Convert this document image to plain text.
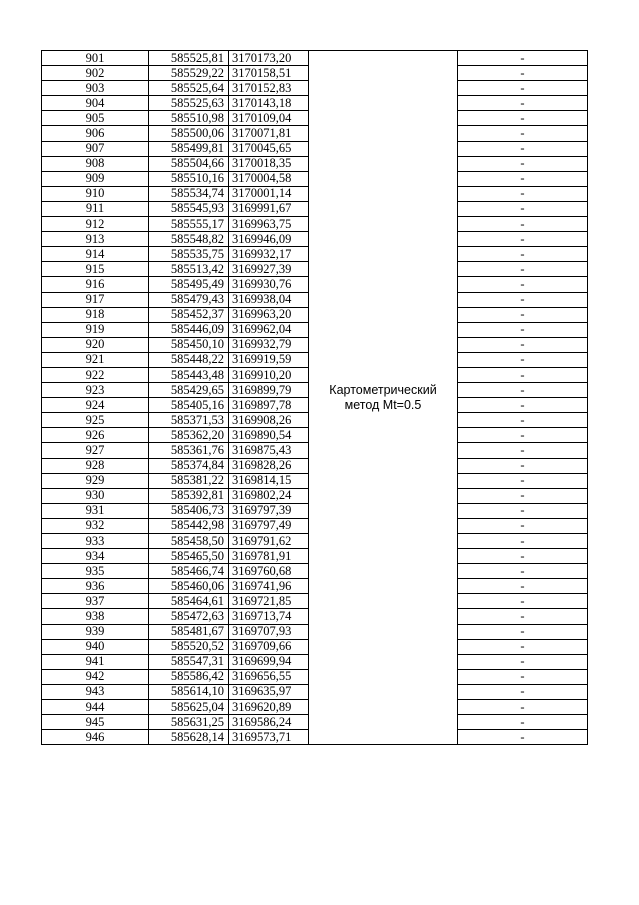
901	585525,81	3170173,20	Картометрический
метод Mt=0.5	-
902	585529,22	3170158,51		-
903	585525,64	3170152,83		-
904	585525,63	3170143,18		-
905	585510,98	3170109,04		-
906	585500,06	3170071,81		-
907	585499,81	3170045,65		-
908	585504,66	3170018,35		-
909	585510,16	3170004,58		-
910	585534,74	3170001,14		-
911	585545,93	3169991,67		-
912	585555,17	3169963,75		-
913	585548,82	3169946,09		-
914	585535,75	3169932,17		-
915	585513,42	3169927,39		-
916	585495,49	3169930,76		-
917	585479,43	3169938,04		-
918	585452,37	3169963,20		-
919	585446,09	3169962,04		-
920	585450,10	3169932,79		-
921	585448,22	3169919,59		-
922	585443,48	3169910,20		-
923	585429,65	3169899,79		-
924	585405,16	3169897,78		-
925	585371,53	3169908,26		-
926	585362,20	3169890,54		-
927	585361,76	3169875,43		-
928	585374,84	3169828,26		-
929	585381,22	3169814,15		-
930	585392,81	3169802,24		-
931	585406,73	3169797,39		-
932	585442,98	3169797,49		-
933	585458,50	3169791,62		-
934	585465,50	3169781,91		-
935	585466,74	3169760,68		-
936	585460,06	3169741,96		-
937	585464,61	3169721,85		-
938	585472,63	3169713,74		-
939	585481,67	3169707,93		-
940	585520,52	3169709,66		-
941	585547,31	3169699,94		-
942	585586,42	3169656,55		-
943	585614,10	3169635,97		-
944	585625,04	3169620,89		-
945	585631,25	3169586,24		-
946	585628,14	3169573,71		-
